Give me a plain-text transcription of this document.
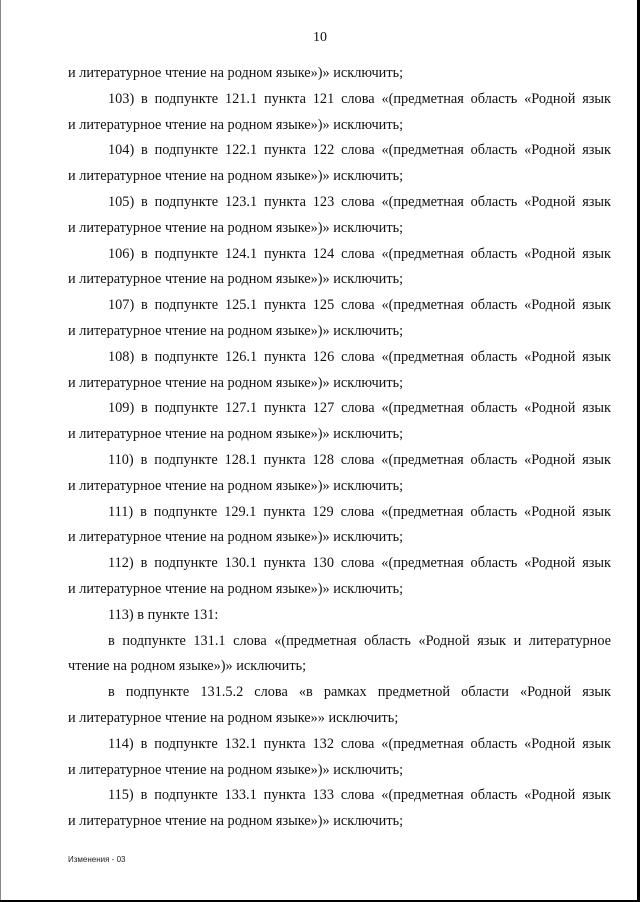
10

и литературное чтение на родном языке»)» исключить;

103) в подпункте 121.1 пункта 121 слова «(предметная область «Родной язык
и литературное чтение на родном языке»)» исключить;

104) в подпункте 122.1 пункта 122 слова «(предметная область «Родной язык
и литературное чтение на родном языке»)» исключить;

105) в подпункте 123.1 пункта 123 слова «(предметная область «Родной язык
и литературное чтение на родном языке»)» исключить;

106) в подпункте 124.1 пункта 124 слова «(предметная область «Родной язык
и литературное чтение на родном языке»)» исключить;

107) в подпункте 125.1 пункта 125 слова «(предметная область «Родной язык
и литературное чтение на родном языке»)» исключить;

108) в подпункте 126.1 пункта 126 слова «(предметная область «Родной язык
и литературное чтение на родном языке»)» исключить;

109) в подпункте 127.1 пункта 127 слова «(предметная область «Родной язык
и литературное чтение на родном языке»)» исключить;

110) в подпункте 128.1 пункта 128 слова «(предметная область «Родной язык
и литературное чтение на родном языке»)» исключить;

111) в подпункте 129.1 пункта 129 слова «(предметная область «Родной язык
и литературное чтение на родном языке»)» исключить;

112) в подпункте 130.1 пункта 130 слова «(предметная область «Родной язык
и литературное чтение на родном языке»)» исключить;

113) в пункте 131:

в подпункте 131.1 слова «(предметная область «Родной язык и литературное
чтение на родном языке»)» исключить;

в подпункте 131.5.2 слова «в рамках предметной области «Родной язык
и литературное чтение на родном языке»» исключить;

114) в подпункте 132.1 пункта 132 слова «(предметная область «Родной язык
и литературное чтение на родном языке»)» исключить;

115) в подпункте 133.1 пункта 133 слова «(предметная область «Родной язык
и литературное чтение на родном языке»)» исключить;

Изменения - 03
